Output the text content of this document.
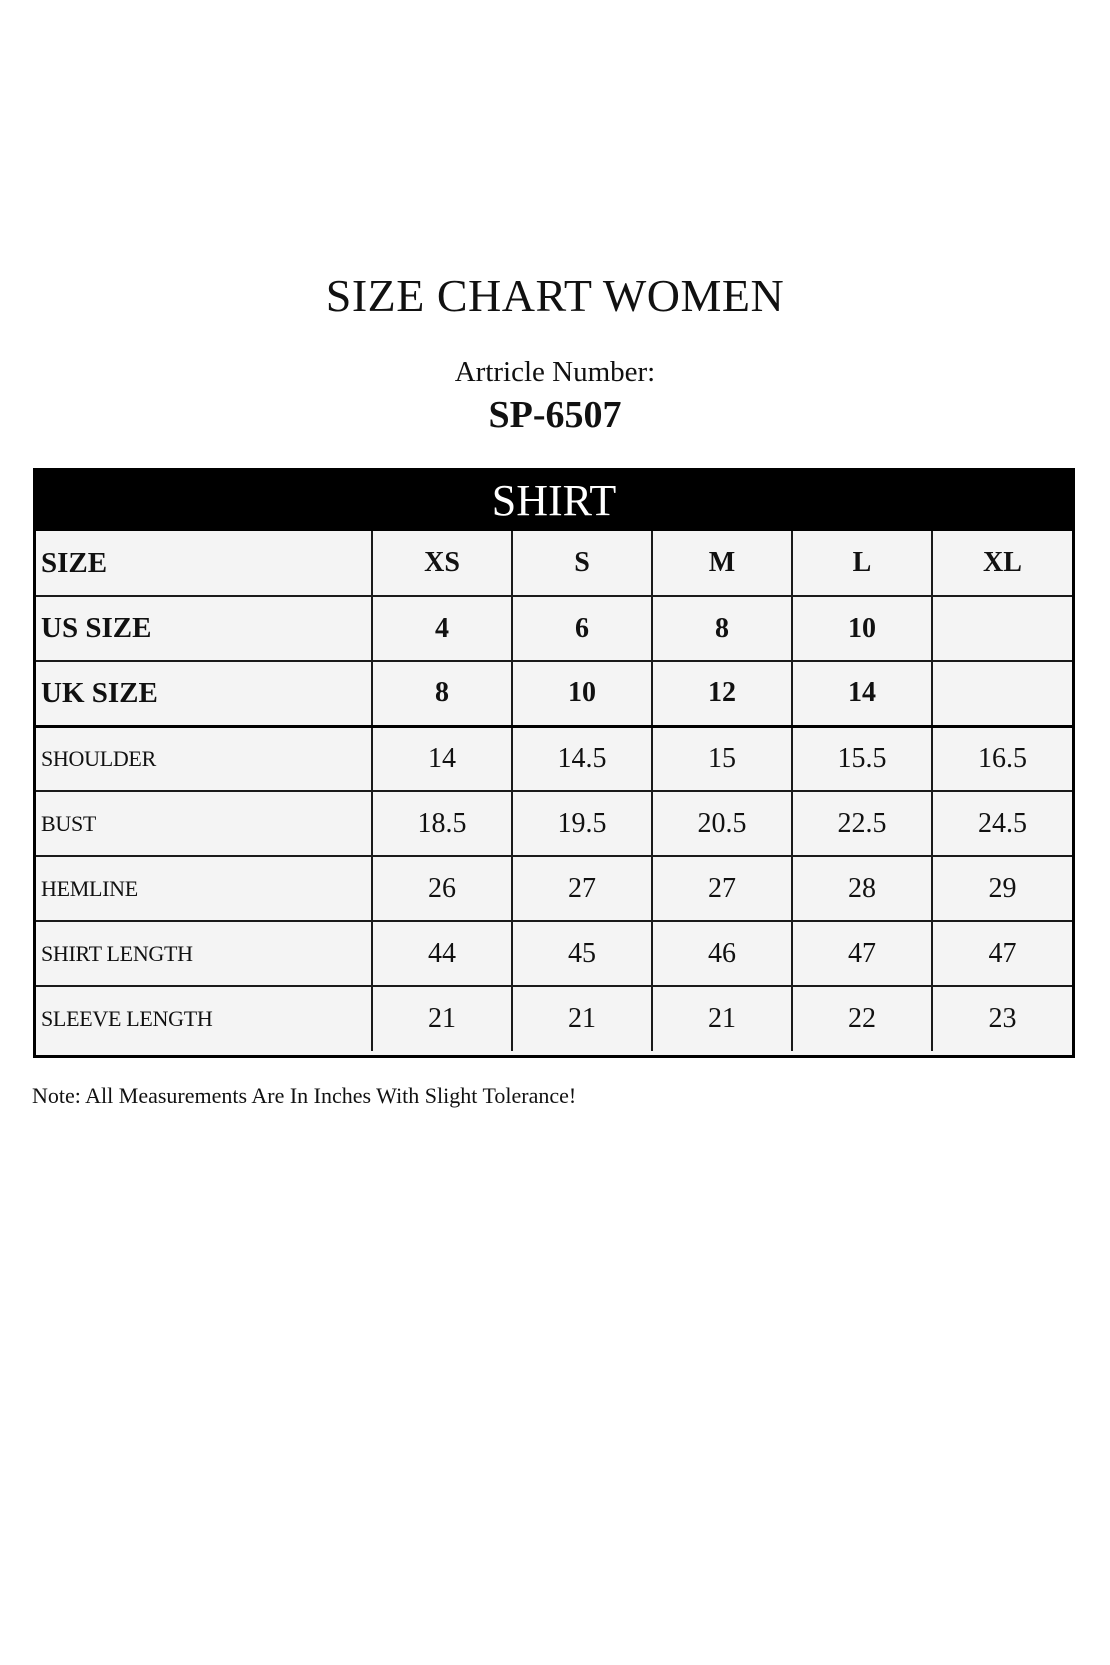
SIZE CHART WOMEN
Artricle Number:
SP-6507
SHIRT
SIZE	XS	S	M	L	XL
US SIZE	4	6	8	10	
UK SIZE	8	10	12	14	
SHOULDER	14	14.5	15	15.5	16.5
BUST	18.5	19.5	20.5	22.5	24.5
HEMLINE	26	27	27	28	29
SHIRT LENGTH	44	45	46	47	47
SLEEVE LENGTH	21	21	21	22	23
Note: All Measurements Are In Inches With Slight Tolerance!
